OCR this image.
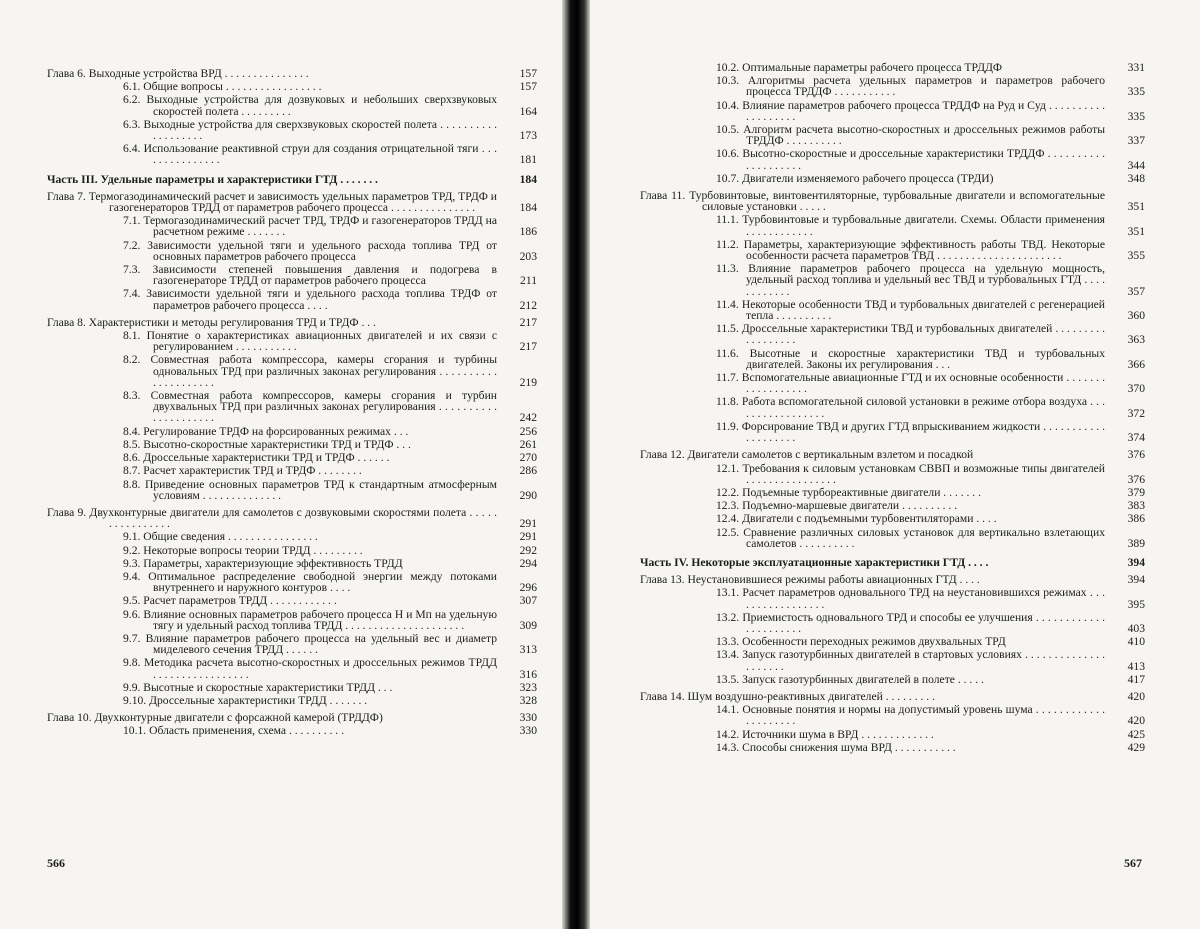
Глава 6. Выходные устройства ВРД . . . . . . . . . . . . . . .	157
6.1. Общие вопросы . . . . . . . . . . . . . . . . .	157
6.2. Выходные устройства для дозвуковых и небольших сверхзвуковых скоростей полета . . . . . . . . .	164
6.3. Выходные устройства для сверхзвуковых скоростей полета . . . . . . . . . . . . . . . . . . .	173
6.4. Использование реактивной струи для создания отрицательной тяги . . . . . . . . . . . . . . .	181
Часть III. Удельные параметры и характеристики ГТД . . . . . . .	184
Глава 7. Термогазодинамический расчет и зависимость удельных параметров ТРД, ТРДФ и газогенераторов ТРДД от параметров рабочего процесса . . . . . . . . . . . . . . .	184
7.1. Термогазодинамический расчет ТРД, ТРДФ и газогенераторов ТРДД на расчетном режиме . . . . . . .	186
7.2. Зависимости удельной тяги и удельного расхода топлива ТРД от основных параметров рабочего процесса	203
7.3. Зависимости степеней повышения давления и подогрева в газогенераторе ТРДД от параметров рабочего процесса	211
7.4. Зависимости удельной тяги и удельного расхода топлива ТРДФ от параметров рабочего процесса . . . .	212
Глава 8. Характеристики и методы регулирования ТРД и ТРДФ . . .	217
8.1. Понятие о характеристиках авиационных двигателей и их связи с регулированием . . . . . . . . . . .	217
8.2. Совместная работа компрессора, камеры сгорания и турбины одновальных ТРД при различных законах регулирования . . . . . . . . . . . . . . . . . . . . .	219
8.3. Совместная работа компрессоров, камеры сгорания и турбин двухвальных ТРД при различных законах регулирования . . . . . . . . . . . . . . . . . . . . .	242
8.4. Регулирование ТРДФ на форсированных режимах . . .	256
8.5. Высотно-скоростные характеристики ТРД и ТРДФ . . .	261
8.6. Дроссельные характеристики ТРД и ТРДФ . . . . . .	270
8.7. Расчет характеристик ТРД и ТРДФ . . . . . . . .	286
8.8. Приведение основных параметров ТРД к стандартным атмосферным условиям . . . . . . . . . . . . . .	290
Глава 9. Двухконтурные двигатели для самолетов с дозвуковыми скоростями полета . . . . . . . . . . . . . . . .	291
9.1. Общие сведения . . . . . . . . . . . . . . . .	291
9.2. Некоторые вопросы теории ТРДД . . . . . . . . .	292
9.3. Параметры, характеризующие эффективность ТРДД	294
9.4. Оптимальное распределение свободной энергии между потоками внутреннего и наружного контуров . . . .	296
9.5. Расчет параметров ТРДД . . . . . . . . . . . .	307
9.6. Влияние основных параметров рабочего процесса H и Mп на удельную тягу и удельный расход топлива ТРДД . . . . . . . . . . . . . . . . . . . . .	309
9.7. Влияние параметров рабочего процесса на удельный вес и диаметр миделевого сечения ТРДД . . . . . .	313
9.8. Методика расчета высотно-скоростных и дроссельных режимов ТРДД . . . . . . . . . . . . . . . . .	316
9.9. Высотные и скоростные характеристики ТРДД . . .	323
9.10. Дроссельные характеристики ТРДД . . . . . . .	328
Глава 10. Двухконтурные двигатели с форсажной камерой (ТРДДФ)	330
10.1. Область применения, схема . . . . . . . . . .	330
566
10.2. Оптимальные параметры рабочего процесса ТРДДФ	331
10.3. Алгоритмы расчета удельных параметров и параметров рабочего процесса ТРДДФ . . . . . . . . . . .	335
10.4. Влияние параметров рабочего процесса ТРДДФ на Pуд и Cуд . . . . . . . . . . . . . . . . . . .	335
10.5. Алгоритм расчета высотно-скоростных и дроссельных режимов работы ТРДДФ . . . . . . . . . .	337
10.6. Высотно-скоростные и дроссельные характеристики ТРДДФ . . . . . . . . . . . . . . . . . . . .	344
10.7. Двигатели изменяемого рабочего процесса (ТРДИ)	348
Глава 11. Турбовинтовые, винтовентиляторные, турбовальные двигатели и вспомогательные силовые установки . . . . .	351
11.1. Турбовинтовые и турбовальные двигатели. Схемы. Области применения . . . . . . . . . . . .	351
11.2. Параметры, характеризующие эффективность работы ТВД. Некоторые особенности расчета параметров ТВД . . . . . . . . . . . . . . . . . . . . . .	355
11.3. Влияние параметров рабочего процесса на удельную мощность, удельный расход топлива и удельный вес ТВД и турбовальных ГТД . . . . . . . . . . . .	357
11.4. Некоторые особенности ТВД и турбовальных двигателей с регенерацией тепла . . . . . . . . . .	360
11.5. Дроссельные характеристики ТВД и турбовальных двигателей . . . . . . . . . . . . . . . . . .	363
11.6. Высотные и скоростные характеристики ТВД и турбовальных двигателей. Законы их регулирования . . .	366
11.7. Вспомогательные авиационные ГТД и их основные особенности . . . . . . . . . . . . . . . . . .	370
11.8. Работа вспомогательной силовой установки в режиме отбора воздуха . . . . . . . . . . . . . . . . .	372
11.9. Форсирование ТВД и других ГТД впрыскиванием жидкости . . . . . . . . . . . . . . . . . . . .	374
Глава 12. Двигатели самолетов с вертикальным взлетом и посадкой	376
12.1. Требования к силовым установкам СВВП и возможные типы двигателей . . . . . . . . . . . . . . . .	376
12.2. Подъемные турбореактивные двигатели . . . . . . .	379
12.3. Подъемно-маршевые двигатели . . . . . . . . . .	383
12.4. Двигатели с подъемными турбовентиляторами . . . .	386
12.5. Сравнение различных силовых установок для вертикально взлетающих самолетов . . . . . . . . . .	389
Часть IV. Некоторые эксплуатационные характеристики ГТД . . . .	394
Глава 13. Неустановившиеся режимы работы авиационных ГТД . . . .	394
13.1. Расчет параметров одновального ТРД на неустановившихся режимах . . . . . . . . . . . . . . . . .	395
13.2. Приемистость одновального ТРД и способы ее улучшения . . . . . . . . . . . . . . . . . . . . . .	403
13.3. Особенности переходных режимов двухвальных ТРД	410
13.4. Запуск газотурбинных двигателей в стартовых условиях . . . . . . . . . . . . . . . . . . . . .	413
13.5. Запуск газотурбинных двигателей в полете . . . . .	417
Глава 14. Шум воздушно-реактивных двигателей . . . . . . . . .	420
14.1. Основные понятия и нормы на допустимый уровень шума . . . . . . . . . . . . . . . . . . . . .	420
14.2. Источники шума в ВРД . . . . . . . . . . . . .	425
14.3. Способы снижения шума ВРД . . . . . . . . . . .	429
567
